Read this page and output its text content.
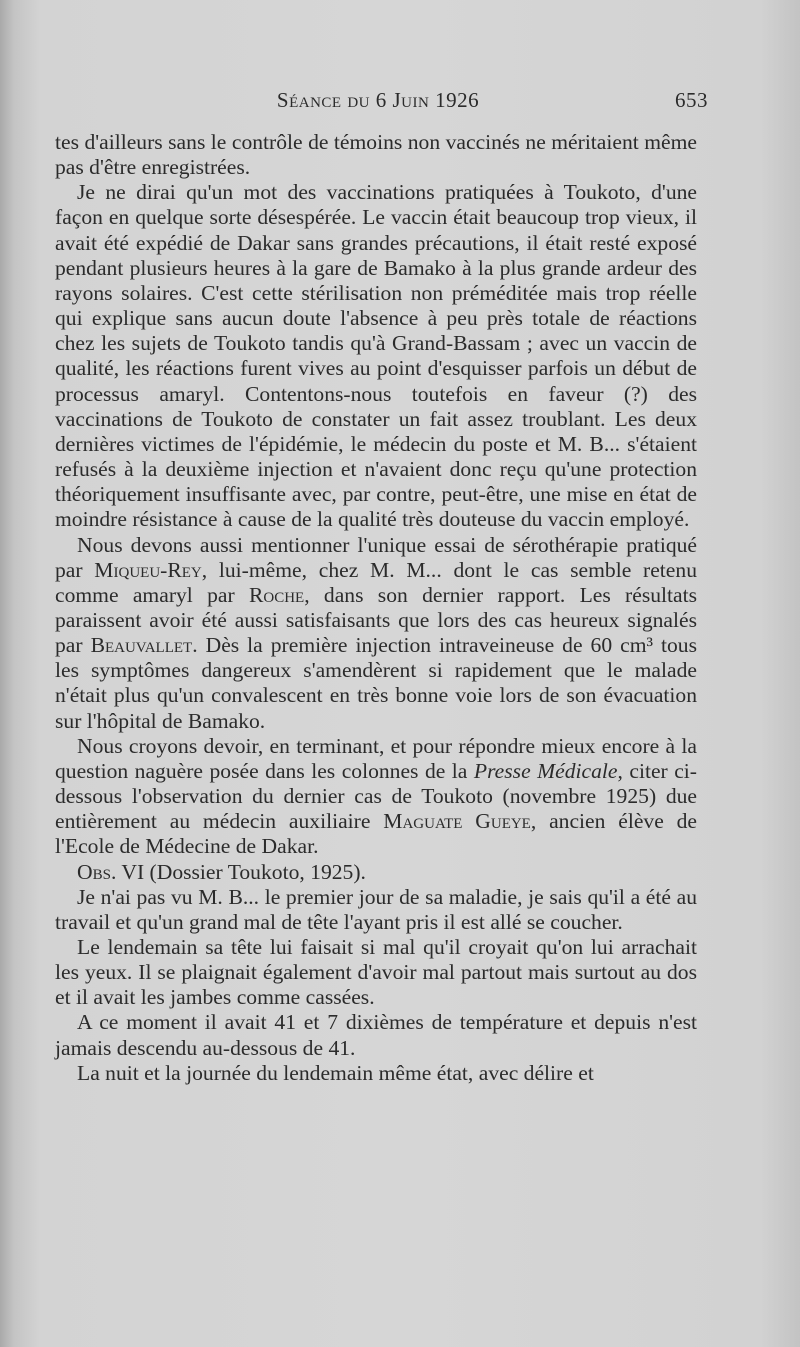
Séance du 6 Juin 1926	653

tes d'ailleurs sans le contrôle de témoins non vaccinés ne méritaient même pas d'être enregistrées.

Je ne dirai qu'un mot des vaccinations pratiquées à Toukoto, d'une façon en quelque sorte désespérée. Le vaccin était beaucoup trop vieux, il avait été expédié de Dakar sans grandes précautions, il était resté exposé pendant plusieurs heures à la gare de Bamako à la plus grande ardeur des rayons solaires. C'est cette stérilisation non préméditée mais trop réelle qui explique sans aucun doute l'absence à peu près totale de réactions chez les sujets de Toukoto tandis qu'à Grand-Bassam ; avec un vaccin de qualité, les réactions furent vives au point d'esquisser parfois un début de processus amaryl. Contentons-nous toutefois en faveur (?) des vaccinations de Toukoto de constater un fait assez troublant. Les deux dernières victimes de l'épidémie, le médecin du poste et M. B... s'étaient refusés à la deuxième injection et n'avaient donc reçu qu'une protection théoriquement insuffisante avec, par contre, peut-être, une mise en état de moindre résistance à cause de la qualité très douteuse du vaccin employé.

Nous devons aussi mentionner l'unique essai de sérothérapie pratiqué par Miqueu-Rey, lui-même, chez M. M... dont le cas semble retenu comme amaryl par Roche, dans son dernier rapport. Les résultats paraissent avoir été aussi satisfaisants que lors des cas heureux signalés par Beauvallet. Dès la première injection intraveineuse de 60 cm³ tous les symptômes dangereux s'amendèrent si rapidement que le malade n'était plus qu'un convalescent en très bonne voie lors de son évacuation sur l'hôpital de Bamako.

Nous croyons devoir, en terminant, et pour répondre mieux encore à la question naguère posée dans les colonnes de la Presse Médicale, citer ci-dessous l'observation du dernier cas de Toukoto (novembre 1925) due entièrement au médecin auxiliaire Maguate Gueye, ancien élève de l'Ecole de Médecine de Dakar.

Obs. VI (Dossier Toukoto, 1925).

Je n'ai pas vu M. B... le premier jour de sa maladie, je sais qu'il a été au travail et qu'un grand mal de tête l'ayant pris il est allé se coucher.

Le lendemain sa tête lui faisait si mal qu'il croyait qu'on lui arrachait les yeux. Il se plaignait également d'avoir mal partout mais surtout au dos et il avait les jambes comme cassées.

A ce moment il avait 41 et 7 dixièmes de température et depuis n'est jamais descendu au-dessous de 41.

La nuit et la journée du lendemain même état, avec délire et
